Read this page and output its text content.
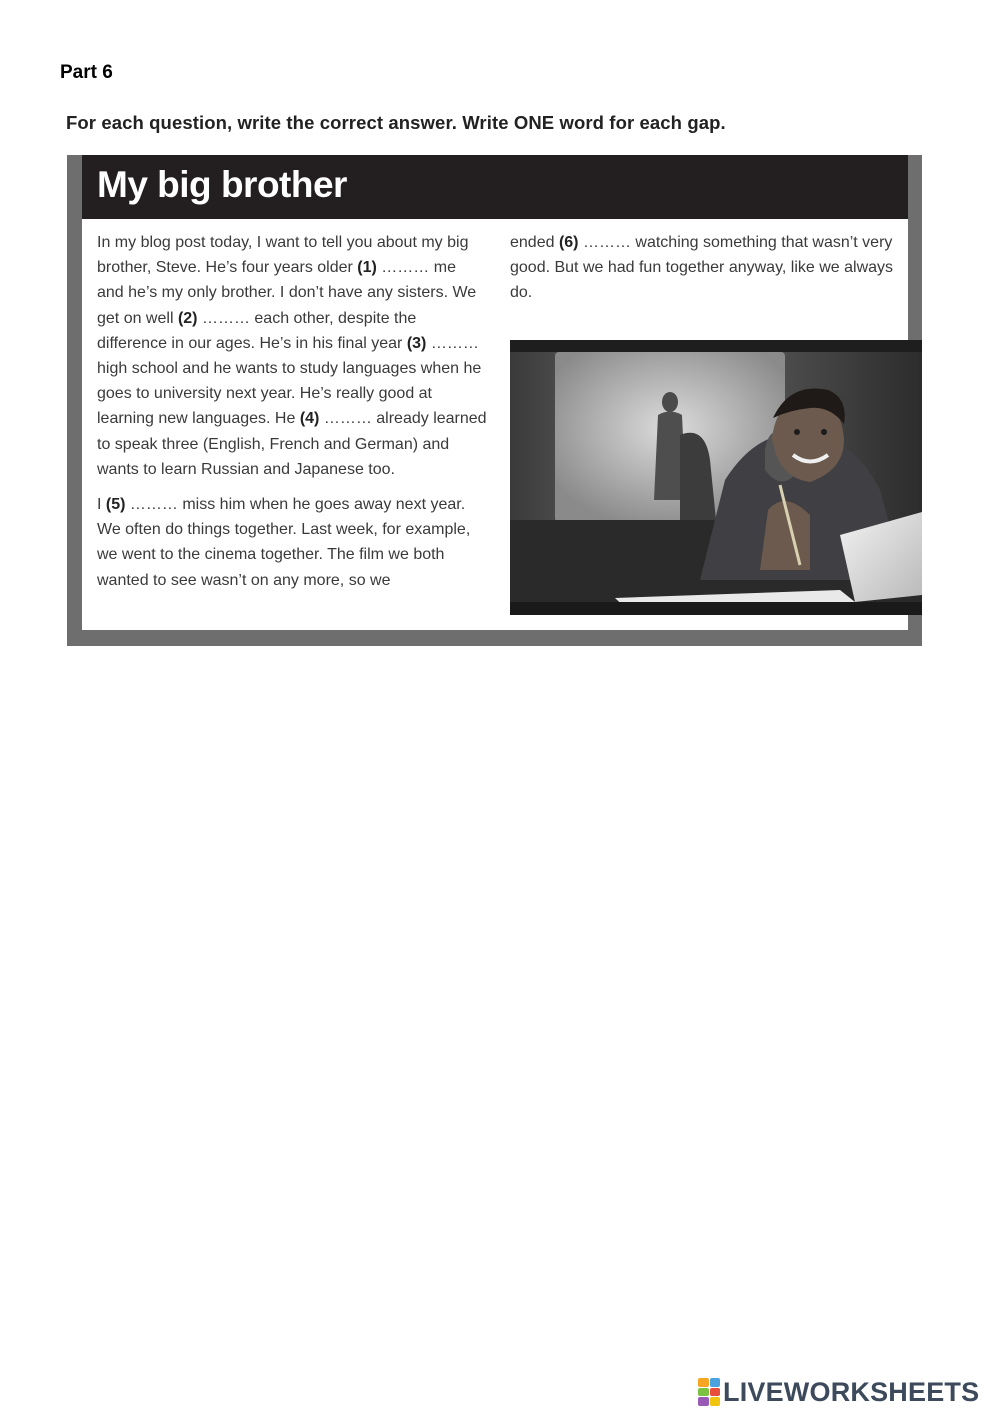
Part 6
For each question, write the correct answer. Write ONE word for each gap.
My big brother

In my blog post today, I want to tell you about my big brother, Steve. He’s four years older (1) ……… me and he’s my only brother. I don’t have any sisters. We get on well (2) ……… each other, despite the difference in our ages. He’s in his final year (3) ……… high school and he wants to study languages when he goes to university next year. He’s really good at learning new languages. He (4) ……… already learned to speak three (English, French and German) and wants to learn Russian and Japanese too.

I (5) ……… miss him when he goes away next year. We often do things together. Last week, for example, we went to the cinema together. The film we both wanted to see wasn’t on any more, so we

ended (6) ……… watching something that wasn’t very good. But we had fun together anyway, like we always do.

LIVEWORKSHEETS
